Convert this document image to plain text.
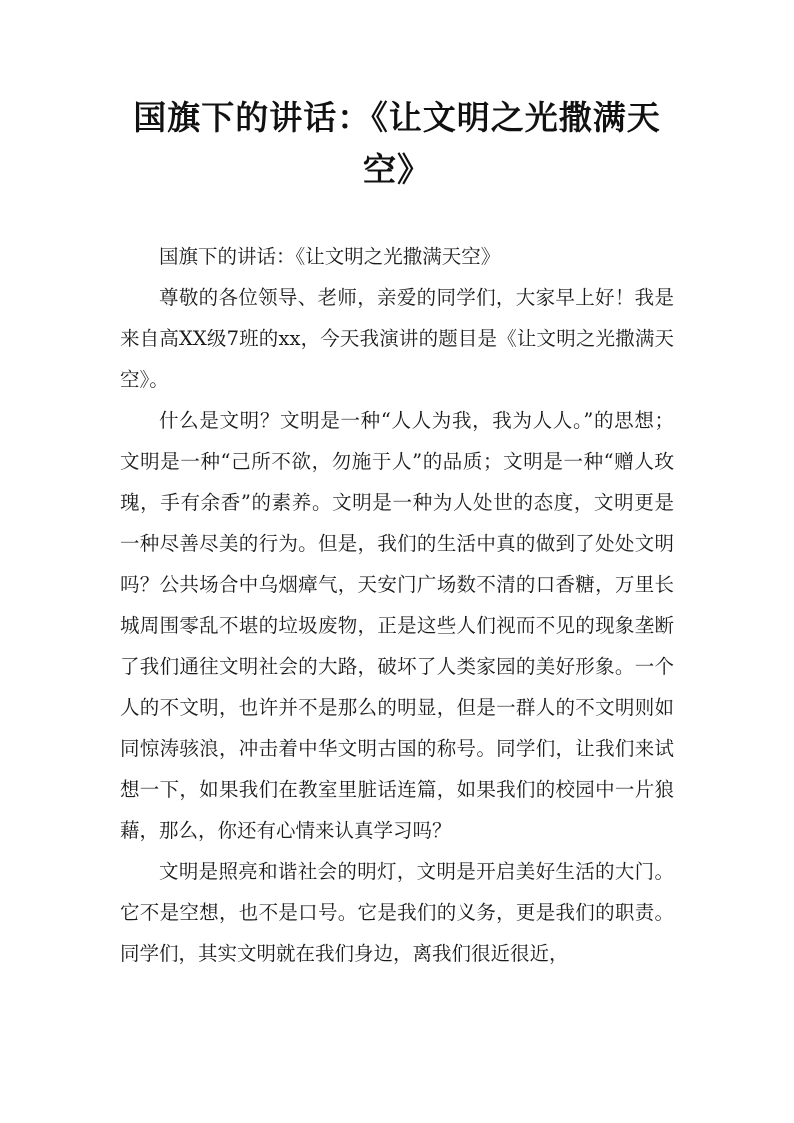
国旗下的讲话：《让文明之光撒满天空》

国旗下的讲话：《让文明之光撒满天空》

尊敬的各位领导、老师，亲爱的同学们，大家早上好！我是来自高XX级7班的xx，今天我演讲的题目是《让文明之光撒满天空》。

什么是文明？文明是一种“人人为我，我为人人。”的思想；文明是一种“己所不欲，勿施于人”的品质；文明是一种“赠人玫瑰，手有余香”的素养。文明是一种为人处世的态度，文明更是一种尽善尽美的行为。但是，我们的生活中真的做到了处处文明吗？公共场合中乌烟瘴气，天安门广场数不清的口香糖，万里长城周围零乱不堪的垃圾废物，正是这些人们视而不见的现象垄断了我们通往文明社会的大路，破坏了人类家园的美好形象。一个人的不文明，也许并不是那么的明显，但是一群人的不文明则如同惊涛骇浪，冲击着中华文明古国的称号。同学们，让我们来试想一下，如果我们在教室里脏话连篇，如果我们的校园中一片狼藉，那么，你还有心情来认真学习吗？

文明是照亮和谐社会的明灯，文明是开启美好生活的大门。它不是空想，也不是口号。它是我们的义务，更是我们的职责。同学们，其实文明就在我们身边，离我们很近很近，
